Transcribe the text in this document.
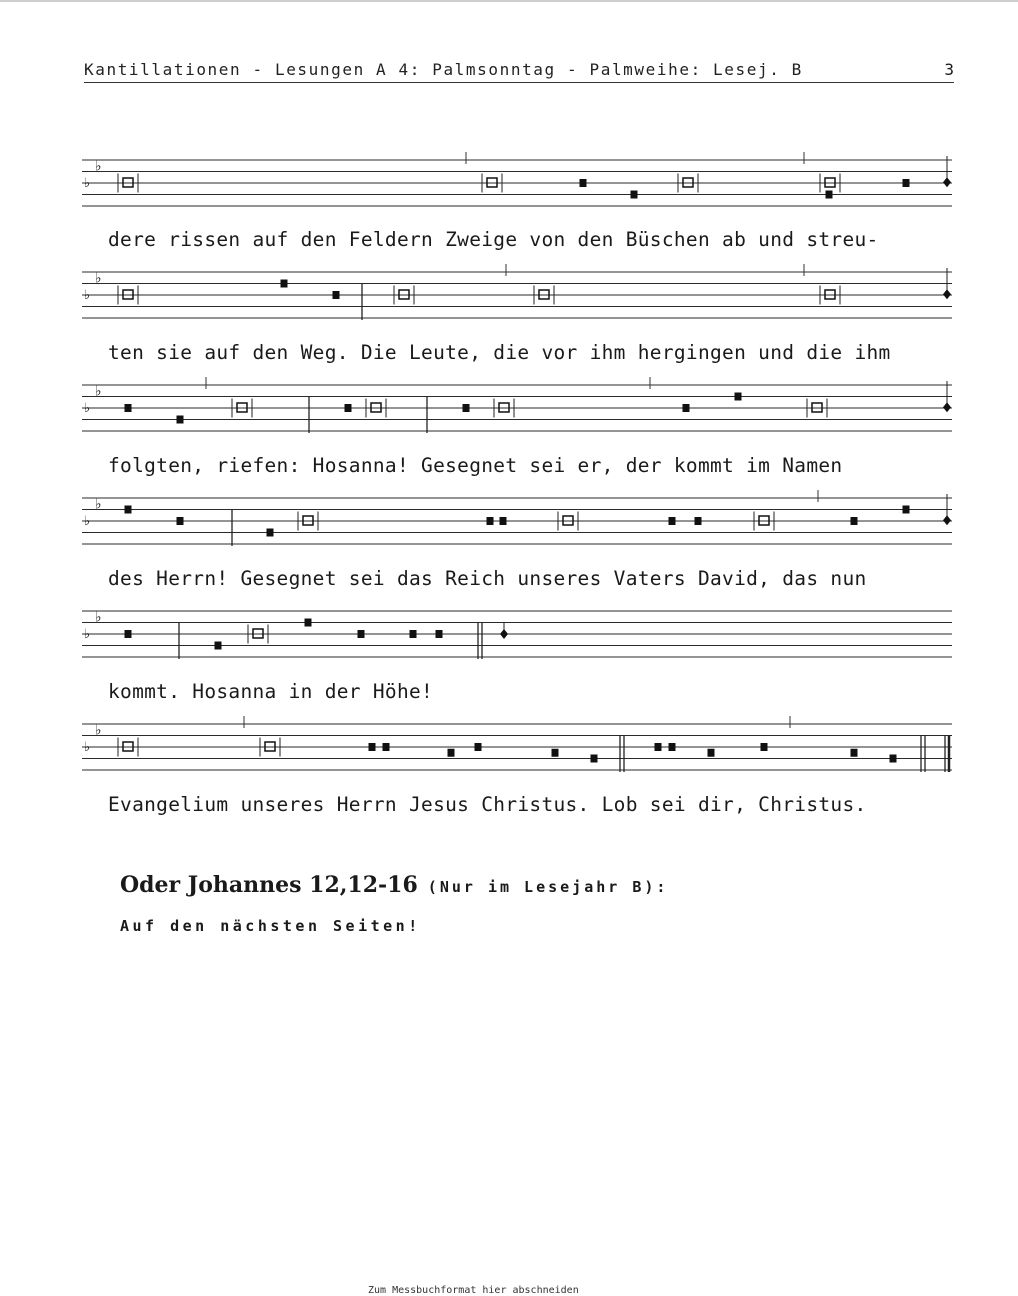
Kantillationen - Lesungen A 4: Palmsonntag - Palmweihe: Lesej. B	3
♭
♭
♭
♭
♭
♭
♭
♭
♭
♭
♭
♭
dere rissen auf den Feldern Zweige von den Büschen ab und streu-
ten sie auf den Weg. Die Leute, die vor ihm hergingen und die ihm
folgten, riefen: Hosanna! Gesegnet sei er, der kommt im Namen
des Herrn! Gesegnet sei das Reich unseres Vaters David, das nun
kommt. Hosanna in der Höhe!
Evangelium unseres Herrn Jesus Christus. Lob sei dir, Christus.
Oder Johannes 12,12-16 (Nur im Lesejahr B):
Auf den nächsten Seiten!
Zum Messbuchformat hier abschneiden
